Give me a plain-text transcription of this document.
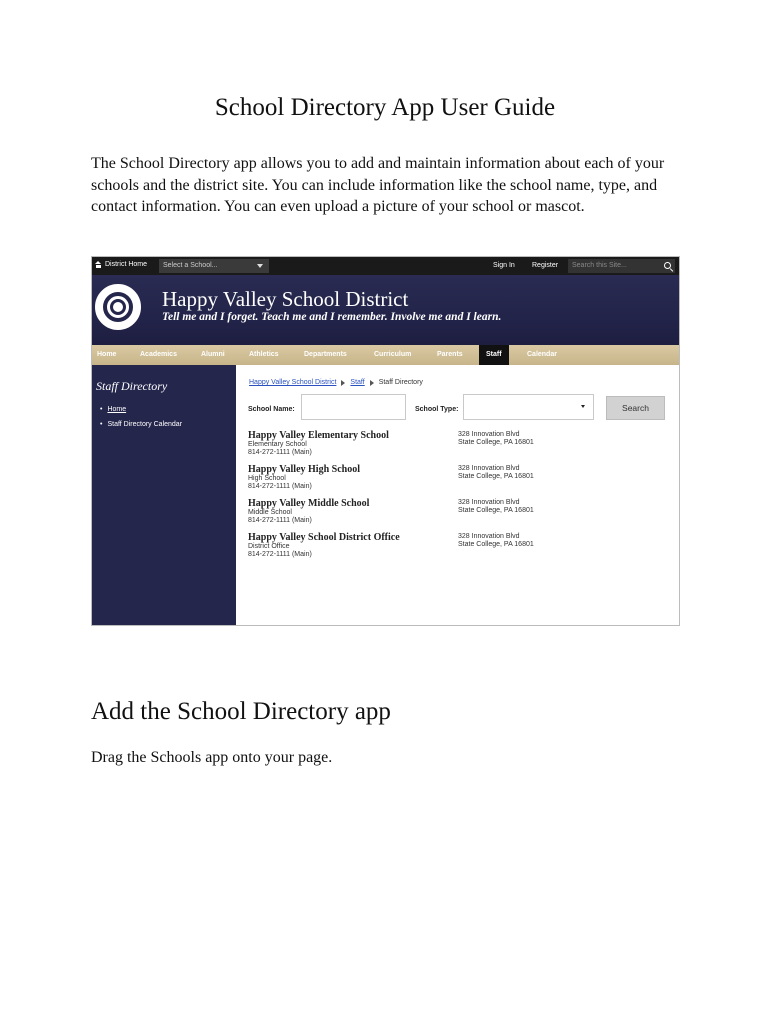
School Directory App User Guide
The School Directory app allows you to add and maintain information about each of your schools and the district site. You can include information like the school name, type, and contact information. You can even upload a picture of your school or mascot.
District Home	Select a School...	Sign In Register	Search this Site...
Happy Valley School District
Tell me and I forget. Teach me and I remember. Involve me and I learn.
Home	Academics	Alumni	Athletics	Departments	Curriculum	Parents	Staff	Calendar
Staff Directory
• Home
• Staff Directory Calendar
Happy Valley School District Staff Staff Directory
School Name:	School Type:	Search
Happy Valley Elementary School
Elementary School
814-272-1111 (Main)
328 Innovation Blvd
State College, PA 16801
Happy Valley High School
High School
814-272-1111 (Main)
328 Innovation Blvd
State College, PA 16801
Happy Valley Middle School
Middle School
814-272-1111 (Main)
328 Innovation Blvd
State College, PA 16801
Happy Valley School District Office
District Office
814-272-1111 (Main)
328 Innovation Blvd
State College, PA 16801
Add the School Directory app
Drag the Schools app onto your page.
